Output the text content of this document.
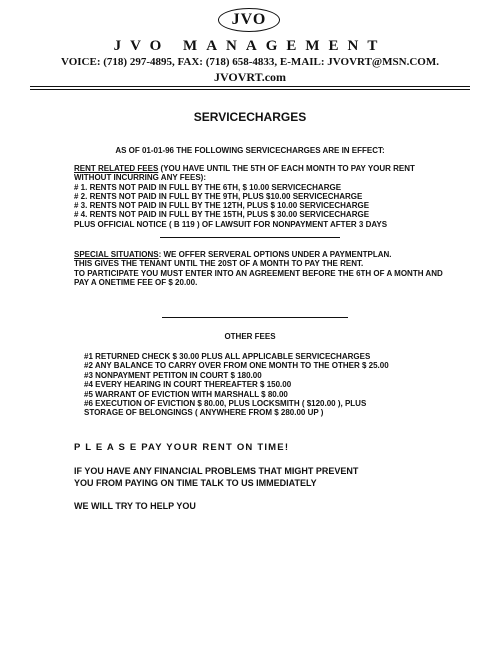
JVO
JVO MANAGEMENT
VOICE: (718) 297-4895, FAX: (718) 658-4833, E-MAIL: JVOVRT@MSN.COM.
JVOVRT.com
SERVICECHARGES
AS OF 01-01-96 THE FOLLOWING SERVICECHARGES ARE IN EFFECT:

RENT RELATED FEES (YOU HAVE UNTIL THE 5TH OF EACH MONTH TO PAY YOUR RENT WITHOUT INCURRING ANY FEES):

# 1. RENTS NOT PAID IN FULL BY THE 6TH, $ 10.00 SERVICECHARGE

# 2. RENTS NOT PAID IN FULL BY THE 9TH, PLUS $10.00 SERVICECHARGE

# 3. RENTS NOT PAID IN FULL BY THE 12TH, PLUS $ 10.00 SERVICECHARGE

# 4. RENTS NOT PAID IN FULL BY THE 15TH, PLUS $ 30.00 SERVICECHARGE

PLUS OFFICIAL NOTICE ( B 119 ) OF LAWSUIT FOR NONPAYMENT AFTER 3 DAYS

SPECIAL SITUATIONS: WE OFFER SERVERAL OPTIONS UNDER A PAYMENTPLAN.

THIS GIVES THE TENANT UNTIL THE 20ST OF A MONTH TO PAY THE RENT.

TO PARTICIPATE YOU MUST ENTER INTO AN AGREEMENT BEFORE THE 6TH OF A MONTH AND PAY A ONETIME FEE OF $ 20.00.

OTHER FEES

#1 RETURNED CHECK $ 30.00 PLUS ALL APPLICABLE SERVICECHARGES

#2 ANY BALANCE TO CARRY OVER FROM ONE MONTH TO THE OTHER $ 25.00

#3 NONPAYMENT PETITON IN COURT $ 180.00

#4 EVERY HEARING IN COURT THEREAFTER $ 150.00

#5 WARRANT OF EVICTION WITH MARSHALL $ 80.00

#6 EXECUTION OF EVICTION $ 80.00, PLUS LOCKSMITH ( $120.00 ), PLUS
STORAGE OF BELONGINGS ( ANYWHERE FROM $ 280.00 UP )

P L E A S E PAY YOUR RENT ON TIME!
IF YOU HAVE ANY FINANCIAL PROBLEMS THAT MIGHT PREVENT
YOU FROM PAYING ON TIME TALK TO US IMMEDIATELY
WE WILL TRY TO HELP YOU
